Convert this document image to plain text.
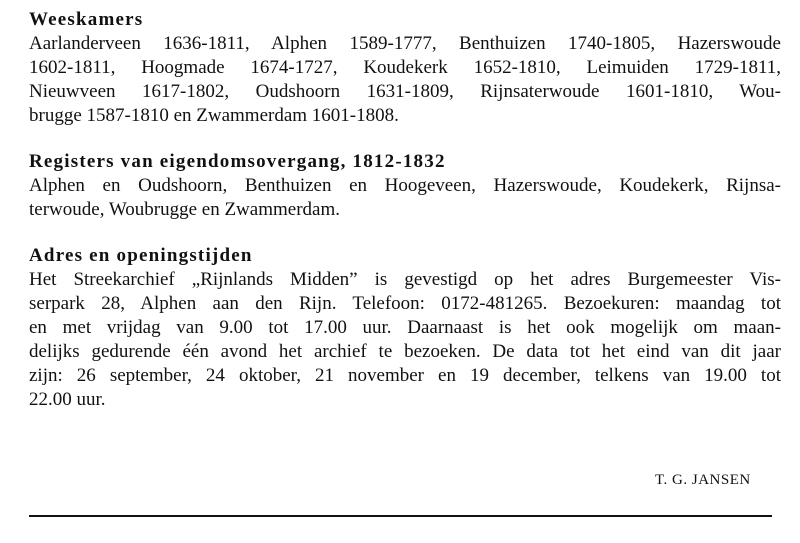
Weeskamers

Aarlanderveen 1636-1811, Alphen 1589-1777, Benthuizen 1740-1805, Hazerswoude

1602-1811, Hoogmade 1674-1727, Koudekerk 1652-1810, Leimuiden 1729-1811,

Nieuwveen 1617-1802, Oudshoorn 1631-1809, Rijnsaterwoude 1601-1810, Wou-

brugge 1587-1810 en Zwammerdam 1601-1808.

Registers van eigendomsovergang, 1812-1832

Alphen en Oudshoorn, Benthuizen en Hoogeveen, Hazerswoude, Koudekerk, Rijnsa-

terwoude, Woubrugge en Zwammerdam.

Adres en openingstijden

Het Streekarchief „Rijnlands Midden” is gevestigd op het adres Burgemeester Vis-

serpark 28, Alphen aan den Rijn. Telefoon: 0172-481265. Bezoekuren: maandag tot

en met vrijdag van 9.00 tot 17.00 uur. Daarnaast is het ook mogelijk om maan-

delijks gedurende één avond het archief te bezoeken. De data tot het eind van dit jaar

zijn: 26 september, 24 oktober, 21 november en 19 december, telkens van 19.00 tot

22.00 uur.

T. G. JANSEN
